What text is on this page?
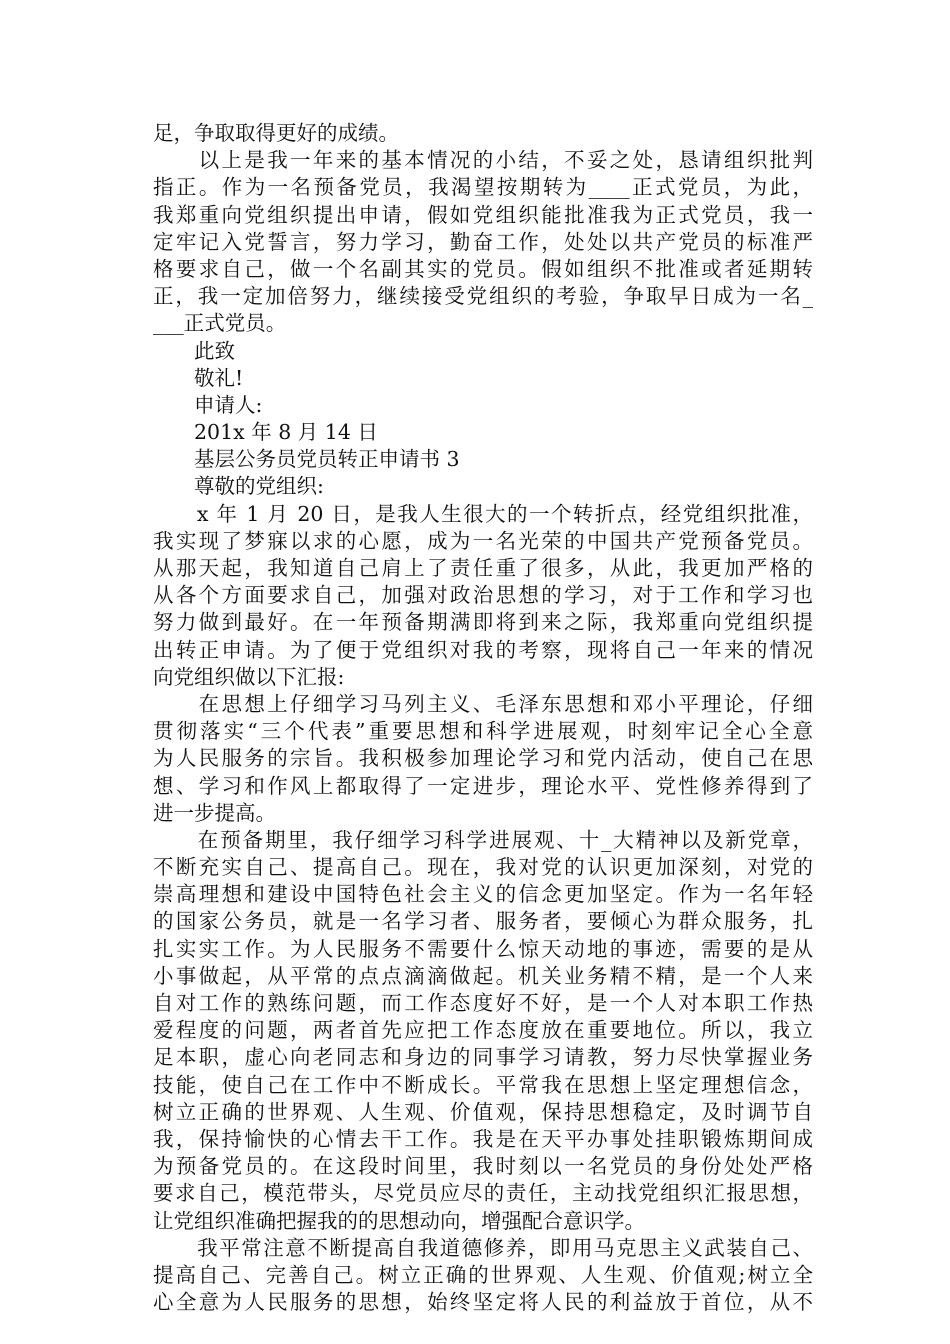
足，争取取得更好的成绩。
　　以上是我一年来的基本情况的小结，不妥之处，恳请组织批判
指正。作为一名预备党员，我渴望按期转为____正式党员，为此，
我郑重向党组织提出申请，假如党组织能批准我为正式党员，我一
定牢记入党誓言，努力学习，勤奋工作，处处以共产党员的标准严
格要求自己，做一个名副其实的党员。假如组织不批准或者延期转
正，我一定加倍努力，继续接受党组织的考验，争取早日成为一名_
___正式党员。
　　此致
　　敬礼!
　　申请人:
　　201x 年 8 月 14 日
　　基层公务员党员转正申请书 3
　　尊敬的党组织:
　　x 年 1 月 20 日，是我人生很大的一个转折点，经党组织批准，
我实现了梦寐以求的心愿，成为一名光荣的中国共产党预备党员。
从那天起，我知道自己肩上了责任重了很多，从此，我更加严格的
从各个方面要求自己，加强对政治思想的学习，对于工作和学习也
努力做到最好。在一年预备期满即将到来之际，我郑重向党组织提
出转正申请。为了便于党组织对我的考察，现将自己一年来的情况
向党组织做以下汇报:
　　在思想上仔细学习马列主义、毛泽东思想和邓小平理论，仔细
贯彻落实“三个代表”重要思想和科学进展观，时刻牢记全心全意
为人民服务的宗旨。我积极参加理论学习和党内活动，使自己在思
想、学习和作风上都取得了一定进步，理论水平、党性修养得到了
进一步提高。
　　在预备期里，我仔细学习科学进展观、十_大精神以及新党章，
不断充实自己、提高自己。现在，我对党的认识更加深刻，对党的
崇高理想和建设中国特色社会主义的信念更加坚定。作为一名年轻
的国家公务员，就是一名学习者、服务者，要倾心为群众服务，扎
扎实实工作。为人民服务不需要什么惊天动地的事迹，需要的是从
小事做起，从平常的点点滴滴做起。机关业务精不精，是一个人来
自对工作的熟练问题，而工作态度好不好，是一个人对本职工作热
爱程度的问题，两者首先应把工作态度放在重要地位。所以，我立
足本职，虚心向老同志和身边的同事学习请教，努力尽快掌握业务
技能，使自己在工作中不断成长。平常我在思想上坚定理想信念，
树立正确的世界观、人生观、价值观，保持思想稳定，及时调节自
我，保持愉快的心情去干工作。我是在天平办事处挂职锻炼期间成
为预备党员的。在这段时间里，我时刻以一名党员的身份处处严格
要求自己，模范带头，尽党员应尽的责任，主动找党组织汇报思想，
让党组织准确把握我的的思想动向，增强配合意识学。
　　我平常注意不断提高自我道德修养，即用马克思主义武装自己、
提高自己、完善自己。树立正确的世界观、人生观、价值观;树立全
心全意为人民服务的思想，始终坚定将人民的利益放于首位，从不
